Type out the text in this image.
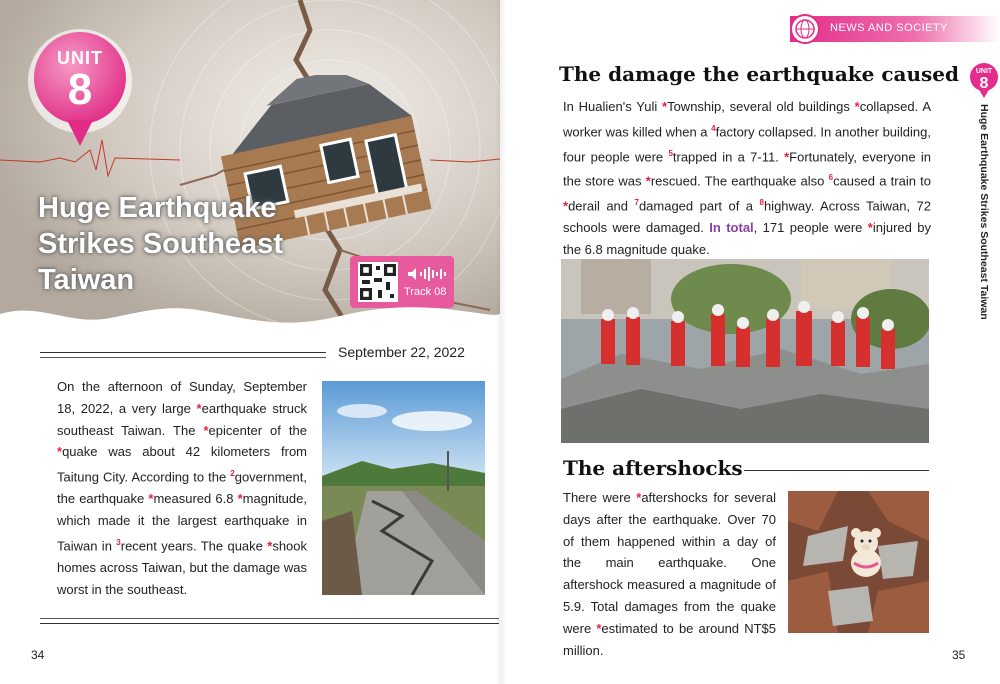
UNIT
8
Huge Earthquake
Strikes Southeast
Taiwan	Track 08
September 22, 2022
On the afternoon of Sunday, September 18, 2022, a very large *earthquake struck southeast Taiwan. The *epicenter of the *quake was about 42 kilometers from Taitung City. According to the $^2$government, the earthquake *measured 6.8 *magnitude, which made it the largest earthquake in Taiwan in $^3$recent years. The quake *shook homes across Taiwan, but the damage was worst in the southeast.
34
NEWS AND SOCIETY
The damage the earthquake caused
In Hualien's Yuli *Township, several old buildings *collapsed. A worker was killed when a $^4$factory collapsed. In another building, four people were $^5$trapped in a 7-11. *Fortunately, everyone in the store was *rescued. The earthquake also $^6$caused a train to *derail and $^7$damaged part of a $^8$highway. Across Taiwan, 72 schools were damaged. In total, 171 people were *injured by the 6.8 magnitude quake.
The aftershocks
There were *aftershocks for several days after the earthquake. Over 70 of them happened within a day of the main earthquake. One aftershock measured a magnitude of 5.9. Total damages from the quake were *estimated to be around NT$5 million.
UNIT
8
Huge Earthquake Strikes Southeast Taiwan
35
